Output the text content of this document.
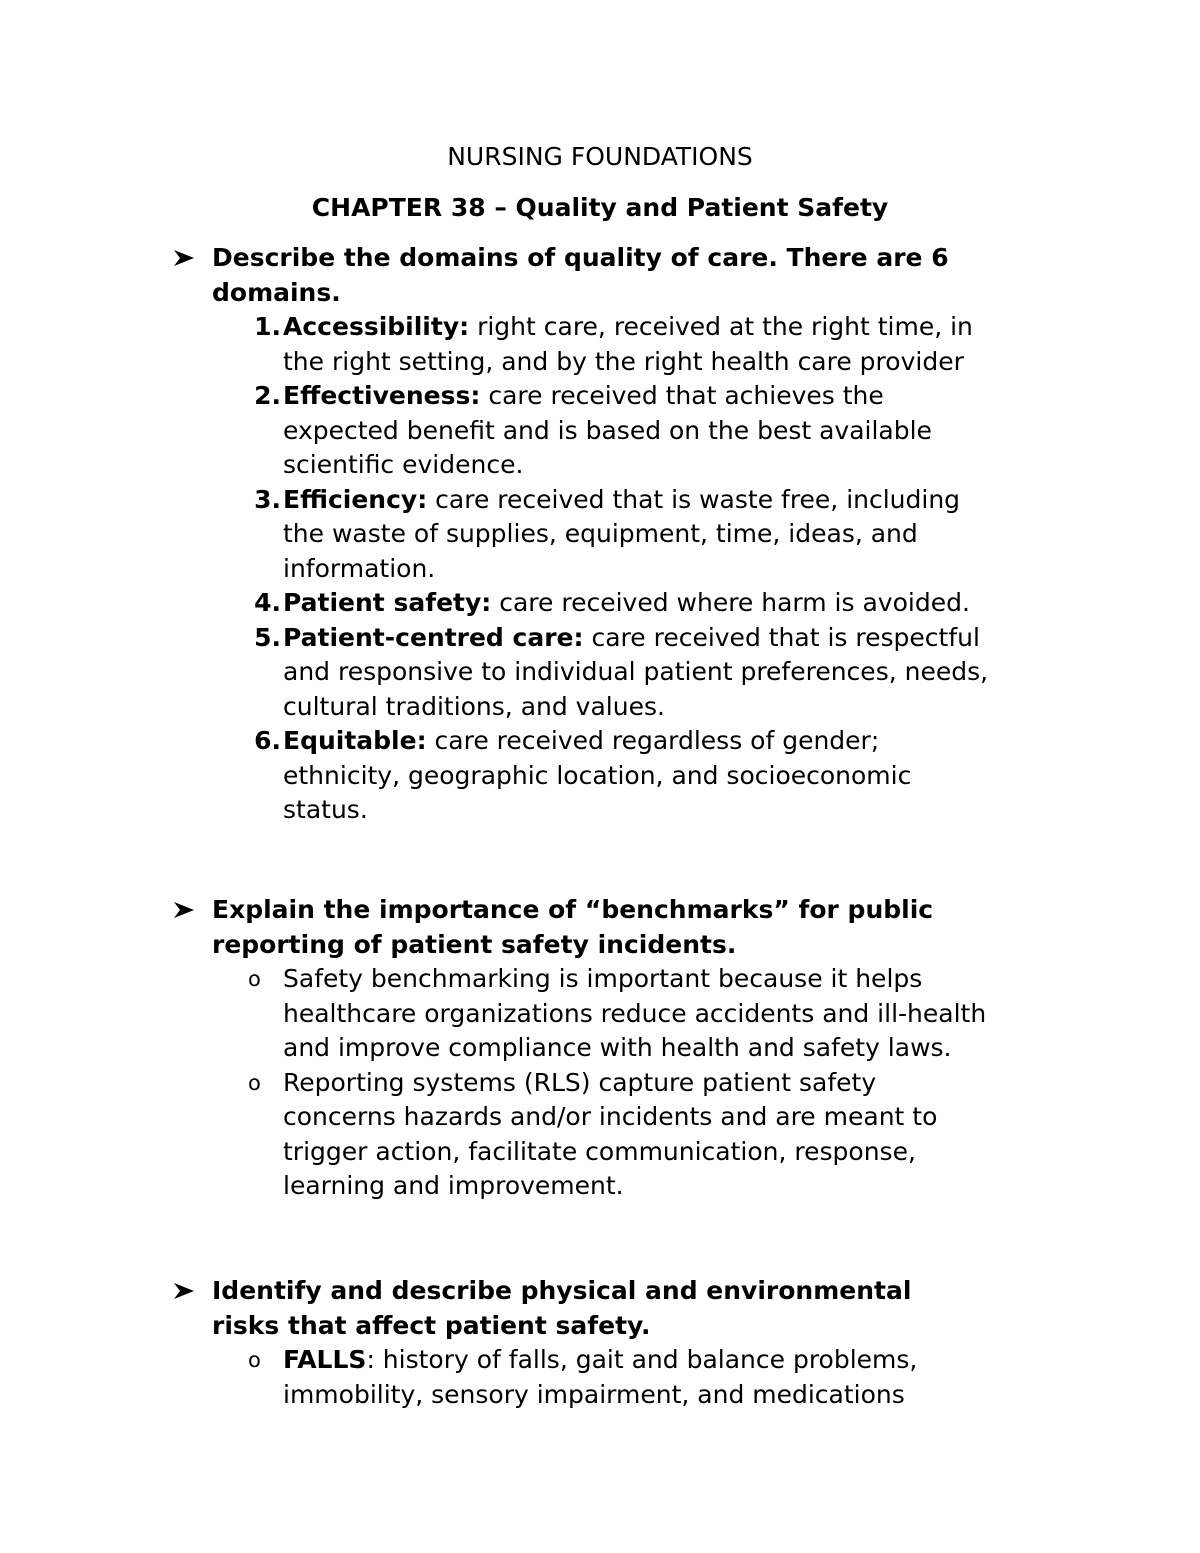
NURSING FOUNDATIONS
CHAPTER 38 – Quality and Patient Safety
Describe the domains of quality of care. There are 6
domains.
1. Accessibility: right care, received at the right time, in
the right setting, and by the right health care provider
2. Effectiveness: care received that achieves the
expected benefit and is based on the best available
scientific evidence.
3. Efficiency: care received that is waste free, including
the waste of supplies, equipment, time, ideas, and
information.
4. Patient safety: care received where harm is avoided.
5. Patient-centred care: care received that is respectful
and responsive to individual patient preferences, needs,
cultural traditions, and values.
6. Equitable: care received regardless of gender;
ethnicity, geographic location, and socioeconomic
status.
Explain the importance of “benchmarks” for public
reporting of patient safety incidents.
o Safety benchmarking is important because it helps
healthcare organizations reduce accidents and ill-health
and improve compliance with health and safety laws.
o Reporting systems (RLS) capture patient safety
concerns hazards and/or incidents and are meant to
trigger action, facilitate communication, response,
learning and improvement.
Identify and describe physical and environmental
risks that affect patient safety.
o FALLS: history of falls, gait and balance problems,
immobility, sensory impairment, and medications
